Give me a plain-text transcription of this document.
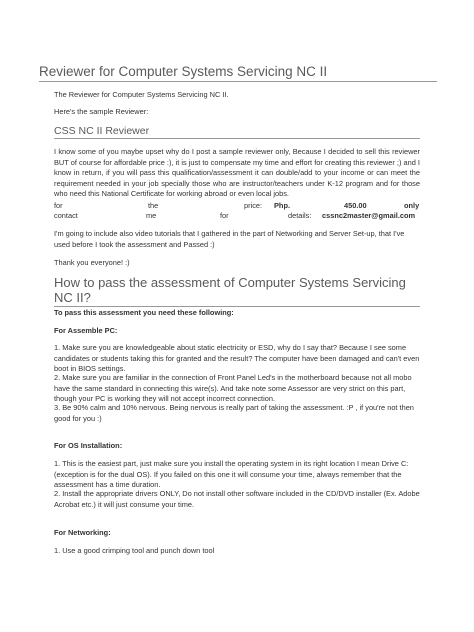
Reviewer for Computer Systems Servicing NC II
The Reviewer for Computer Systems Servicing NC II.
Here's the sample Reviewer:
CSS NC II Reviewer
I know some of you maybe upset why do I post a sample reviewer only, Because I decided to sell this reviewer BUT of course for affordable price :), it is just to compensate my time and effort for creating this reviewer ;) and I know in return, if you will pass this qualification/assessment it can double/add to your income or can meet the requirement needed in your job specially those who are instructor/teachers under K-12 program and for those who need this National Certificate for working abroad or even local jobs.
for	the	price: Php.	450.00	only
contact	me	for	details: cssnc2master@gmail.com
I'm going to include also video tutorials that I gathered in the part of Networking and Server Set-up, that I've used before I took the assessment and Passed :)
Thank you everyone! :)
How to pass the assessment of Computer Systems Servicing NC II?
To pass this assessment you need these following:
For Assemble PC:
1. Make sure you are knowledgeable about static electricity or ESD, why do I say that? Because I see some candidates or students taking this for granted and the result? The computer have been damaged and can't even boot in BIOS settings.
2. Make sure you are familiar in the connection of Front Panel Led's in the motherboard because not all mobo have the same standard in connecting this wire(s). And take note some Assessor are very strict on this part, though your PC is working they will not accept incorrect connection.
3. Be 90% calm and 10% nervous. Being nervous is really part of taking the assessment. :P , if you're not then good for you :)
For OS Installation:
1. This is the easiest part, just make sure you install the operating system in its right location I mean Drive C: (exception is for the dual OS). If you failed on this one it will consume your time, always remember that the assessment has a time duration.
2. Install the appropriate drivers ONLY, Do not install other software included in the CD/DVD installer (Ex. Adobe Acrobat etc.) it will just consume your time.
For Networking:
1. Use a good crimping tool and punch down tool
